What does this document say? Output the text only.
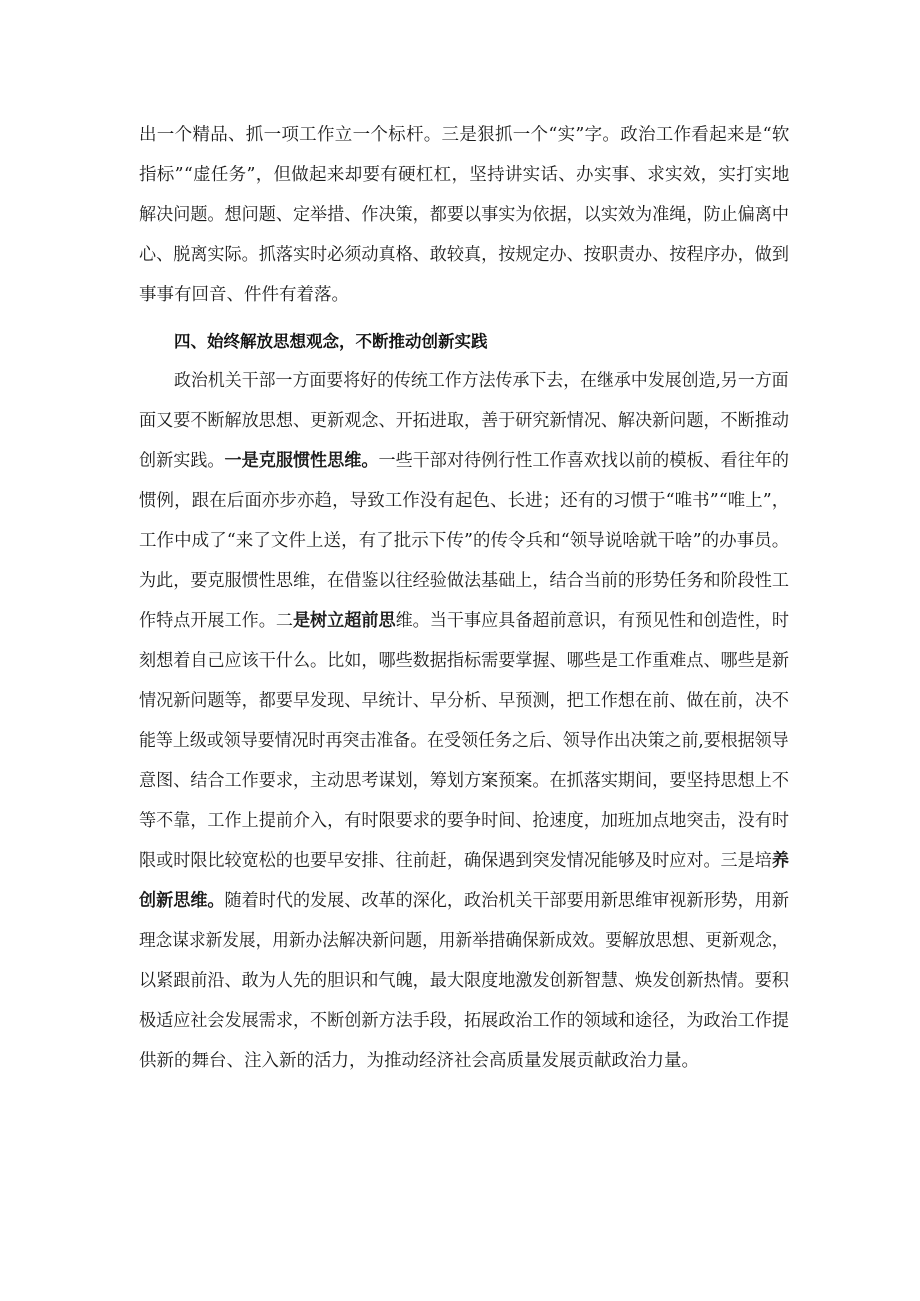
出一个精品、抓一项工作立一个标杆。三是狠抓一个“实”字。政治工作看起来是“软
指标”“虚任务”，但做起来却要有硬杠杠，坚持讲实话、办实事、求实效，实打实地
解决问题。想问题、定举措、作决策，都要以事实为依据，以实效为准绳，防止偏离中
心、脱离实际。抓落实时必须动真格、敢较真，按规定办、按职责办、按程序办，做到
事事有回音、件件有着落。
四、始终解放思想观念，不断推动创新实践
政治机关干部一方面要将好的传统工作方法传承下去，在继承中发展创造,另一方面
面又要不断解放思想、更新观念、开拓进取，善于研究新情况、解决新问题，不断推动
创新实践。一是克服惯性思维。一些干部对待例行性工作喜欢找以前的模板、看往年的
惯例，跟在后面亦步亦趋，导致工作没有起色、长进；还有的习惯于“唯书”“唯上”，
工作中成了“来了文件上送，有了批示下传”的传令兵和“领导说啥就干啥”的办事员。
为此，要克服惯性思维，在借鉴以往经验做法基础上，结合当前的形势任务和阶段性工
作特点开展工作。二是树立超前思维。当干事应具备超前意识，有预见性和创造性，时
刻想着自己应该干什么。比如，哪些数据指标需要掌握、哪些是工作重难点、哪些是新
情况新问题等，都要早发现、早统计、早分析、早预测，把工作想在前、做在前，决不
能等上级或领导要情况时再突击准备。在受领任务之后、领导作出决策之前,要根据领导
意图、结合工作要求，主动思考谋划，筹划方案预案。在抓落实期间，要坚持思想上不
等不靠，工作上提前介入，有时限要求的要争时间、抢速度，加班加点地突击，没有时
限或时限比较宽松的也要早安排、往前赶，确保遇到突发情况能够及时应对。三是培养
创新思维。随着时代的发展、改革的深化，政治机关干部要用新思维审视新形势，用新
理念谋求新发展，用新办法解决新问题，用新举措确保新成效。要解放思想、更新观念，
以紧跟前沿、敢为人先的胆识和气魄，最大限度地激发创新智慧、焕发创新热情。要积
极适应社会发展需求，不断创新方法手段，拓展政治工作的领域和途径，为政治工作提
供新的舞台、注入新的活力，为推动经济社会高质量发展贡献政治力量。
